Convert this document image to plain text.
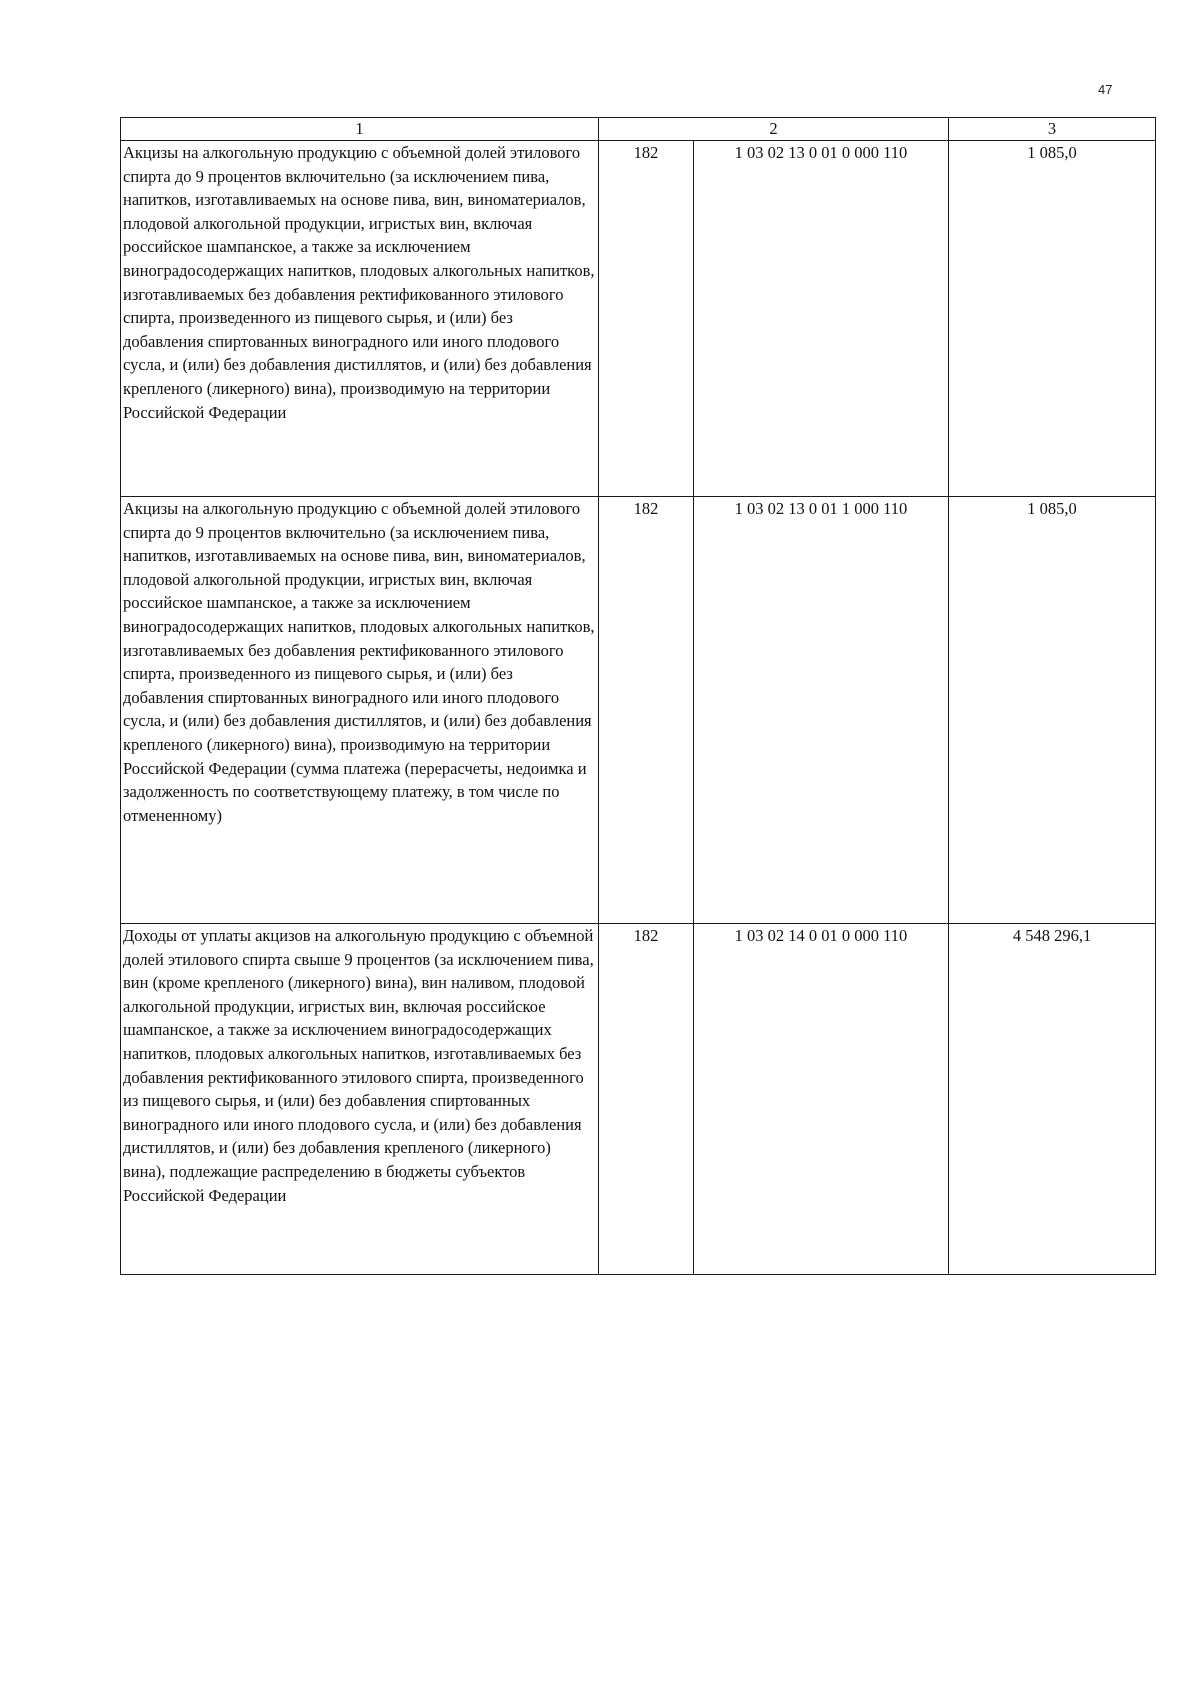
47
1	2		3
Акцизы на алкогольную продукцию с объемной долей этилового спирта до 9 процентов включительно (за исключением пива, напитков, изготавливаемых на основе пива, вин, виноматериалов, плодовой алкогольной продукции, игристых вин, включая российское шампанское, а также за исключением виноградосодержащих напитков, плодовых алкогольных напитков, изготавливаемых без добавления ректификованного этилового спирта, произведенного из пищевого сырья, и (или) без добавления спиртованных виноградного или иного плодового сусла, и (или) без добавления дистиллятов, и (или) без добавления крепленого (ликерного) вина), производимую на территории Российской Федерации	182	1 03 02 13 0 01 0 000 110	1 085,0
Акцизы на алкогольную продукцию с объемной долей этилового спирта до 9 процентов включительно (за исключением пива, напитков, изготавливаемых на основе пива, вин, виноматериалов, плодовой алкогольной продукции, игристых вин, включая российское шампанское, а также за исключением виноградосодержащих напитков, плодовых алкогольных напитков, изготавливаемых без добавления ректификованного этилового спирта, произведенного из пищевого сырья, и (или) без добавления спиртованных виноградного или иного плодового сусла, и (или) без добавления дистиллятов, и (или) без добавления крепленого (ликерного) вина), производимую на территории Российской Федерации (сумма платежа (перерасчеты, недоимка и задолженность по соответствующему платежу, в том числе по отмененному)	182	1 03 02 13 0 01 1 000 110	1 085,0
Доходы от уплаты акцизов на алкогольную продукцию с объемной долей этилового спирта свыше 9 процентов (за исключением пива, вин (кроме крепленого (ликерного) вина), вин наливом, плодовой алкогольной продукции, игристых вин, включая российское шампанское, а также за исключением виноградосодержащих напитков, плодовых алкогольных напитков, изготавливаемых без добавления ректификованного этилового спирта, произведенного из пищевого сырья, и (или) без добавления спиртованных виноградного или иного плодового сусла, и (или) без добавления дистиллятов, и (или) без добавления крепленого (ликерного) вина), подлежащие распределению в бюджеты субъектов Российской Федерации	182	1 03 02 14 0 01 0 000 110	4 548 296,1
